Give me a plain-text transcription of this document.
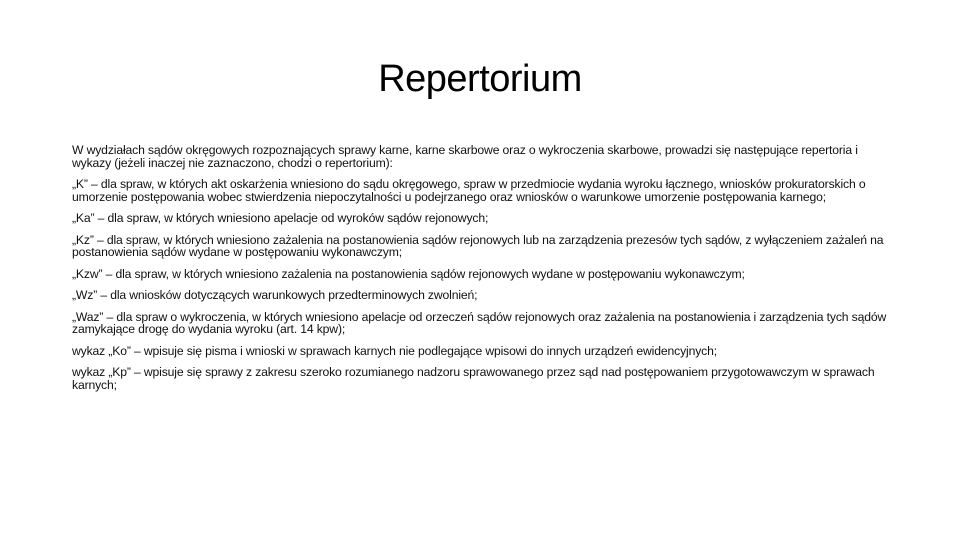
Repertorium

W wydziałach sądów okręgowych rozpoznających sprawy karne, karne skarbowe oraz o wykroczenia skarbowe, prowadzi się następujące repertoria i wykazy (jeżeli inaczej nie zaznaczono, chodzi o repertorium):

„K” – dla spraw, w których akt oskarżenia wniesiono do sądu okręgowego, spraw w przedmiocie wydania wyroku łącznego, wniosków prokuratorskich o umorzenie postępowania wobec stwierdzenia niepoczytalności u podejrzanego oraz wniosków o warunkowe umorzenie postępowania karnego;

„Ka” – dla spraw, w których wniesiono apelacje od wyroków sądów rejonowych;

„Kz” – dla spraw, w których wniesiono zażalenia na postanowienia sądów rejonowych lub na zarządzenia prezesów tych sądów, z wyłączeniem zażaleń na postanowienia sądów wydane w postępowaniu wykonawczym;

„Kzw” – dla spraw, w których wniesiono zażalenia na postanowienia sądów rejonowych wydane w postępowaniu wykonawczym;

„Wz” – dla wniosków dotyczących warunkowych przedterminowych zwolnień;

„Waz” – dla spraw o wykroczenia, w których wniesiono apelacje od orzeczeń sądów rejonowych oraz zażalenia na postanowienia i zarządzenia tych sądów zamykające drogę do wydania wyroku (art. 14 kpw);

wykaz „Ko” – wpisuje się pisma i wnioski w sprawach karnych nie podlegające wpisowi do innych urządzeń ewidencyjnych;

wykaz „Kp” – wpisuje się sprawy z zakresu szeroko rozumianego nadzoru sprawowanego przez sąd nad postępowaniem przygotowawczym w sprawach karnych;
